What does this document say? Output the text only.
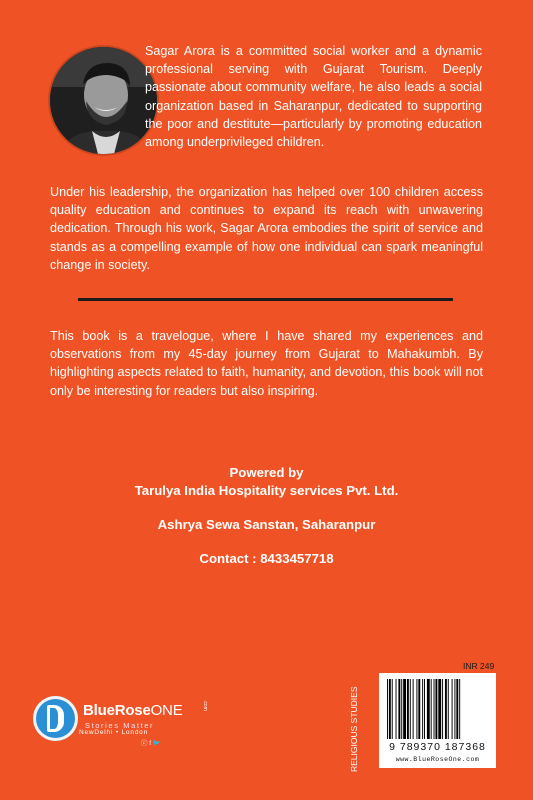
Sagar Arora is a committed social worker and a dynamic professional serving with Gujarat Tourism. Deeply passionate about community welfare, he also leads a social organization based in Saharanpur, dedicated to supporting the poor and destitute—particularly by promoting education among underprivileged children.

Under his leadership, the organization has helped over 100 children access quality education and continues to expand its reach with unwavering dedication. Through his work, Sagar Arora embodies the spirit of service and stands as a compelling example of how one individual can spark meaningful change in society.

This book is a travelogue, where I have shared my experiences and observations from my 45-day journey from Gujarat to Mahakumbh. By highlighting aspects related to faith, humanity, and devotion, this book will not only be interesting for readers but also inspiring.

Powered by
Tarulya India Hospitality services Pvt. Ltd.
Ashrya Sewa Sanstan, Saharanpur
Contact : 8433457718
BlueRoseONE	.com
Stories Matter
NewDelhi • London
ⓒ f 🐦	RELIGIOUS STUDIES
INR 249
9 789370 187368
www.BlueRoseOne.com
